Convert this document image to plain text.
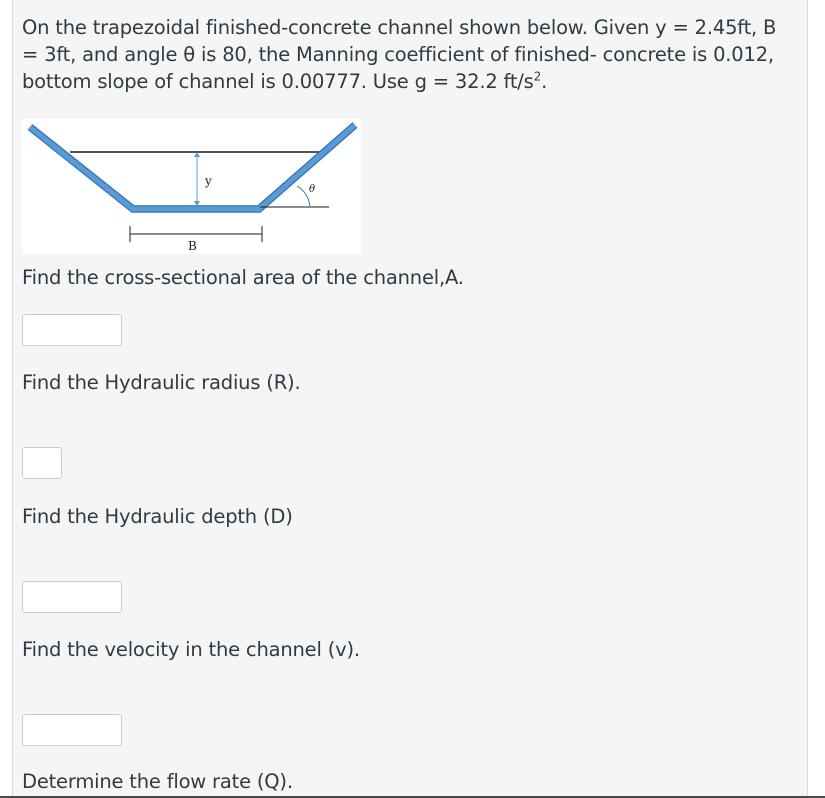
On the trapezoidal finished-concrete channel shown below. Given y = 2.45ft, B = 3ft, and angle θ is 80, the Manning coefficient of finished- concrete is 0.012, bottom slope of channel is 0.00777. Use g = 32.2 $ft/s^2$.
y
θ
B
Find the cross-sectional area of the channel,A.
Find the Hydraulic radius (R).
Find the Hydraulic depth (D)
Find the velocity in the channel (v).
Determine the flow rate (Q).
